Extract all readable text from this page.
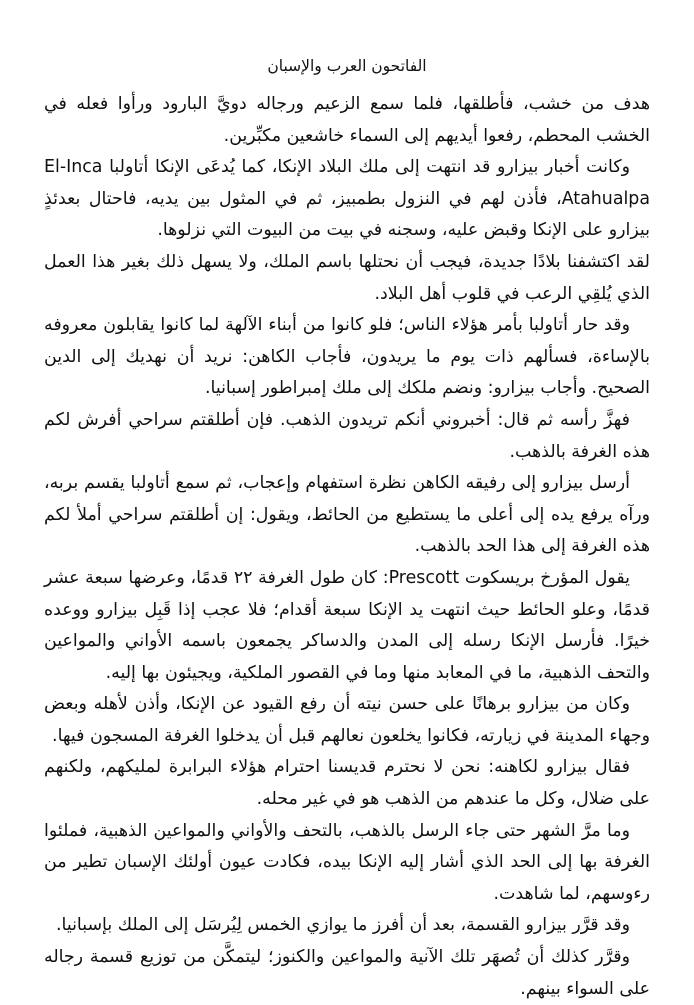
الفاتحون العرب والإسبان

هدف من خشب، فأطلقها، فلما سمع الزعيم ورجاله دويَّ البارود ورأوا فعله في الخشب المحطم، رفعوا أيديهم إلى السماء خاشعين مكبِّرين.

وكانت أخبار بيزارو قد انتهت إلى ملك البلاد الإنكا، كما يُدعَى الإنكا أتاولبا El-Inca Atahualpa، فأذن لهم في النزول بطمبيز، ثم في المثول بين يديه، فاحتال بعدئذٍ بيزارو على الإنكا وقبض عليه، وسجنه في بيت من البيوت التي نزلوها.

لقد اكتشفنا بلادًا جديدة، فيجب أن نحتلها باسم الملك، ولا يسهل ذلك بغير هذا العمل الذي يُلقِي الرعب في قلوب أهل البلاد.

وقد حار أتاولبا بأمر هؤلاء الناس؛ فلو كانوا من أبناء الآلهة لما كانوا يقابلون معروفه بالإساءة، فسألهم ذات يوم ما يريدون، فأجاب الكاهن: نريد أن نهديك إلى الدين الصحيح. وأجاب بيزارو: ونضم ملكك إلى ملك إمبراطور إسبانيا.

فهزَّ رأسه ثم قال: أخبروني أنكم تريدون الذهب. فإن أطلقتم سراحي أفرش لكم هذه الغرفة بالذهب.

أرسل بيزارو إلى رفيقه الكاهن نظرة استفهام وإعجاب، ثم سمع أتاولبا يقسم بربه، ورآه يرفع يده إلى أعلى ما يستطيع من الحائط، ويقول: إن أطلقتم سراحي أملأ لكم هذه الغرفة إلى هذا الحد بالذهب.

يقول المؤرخ بريسكوت Prescott: كان طول الغرفة ٢٢ قدمًا، وعرضها سبعة عشر قدمًا، وعلو الحائط حيث انتهت يد الإنكا سبعة أقدام؛ فلا عجب إذا قَبِل بيزارو ووعده خيرًا. فأرسل الإنكا رسله إلى المدن والدساكر يجمعون باسمه الأواني والمواعين والتحف الذهبية، ما في المعابد منها وما في القصور الملكية، ويجيئون بها إليه.

وكان من بيزارو برهانًا على حسن نيته أن رفع القيود عن الإنكا، وأذن لأهله وبعض وجهاء المدينة في زيارته، فكانوا يخلعون نعالهم قبل أن يدخلوا الغرفة المسجون فيها.

فقال بيزارو لكاهنه: نحن لا نحترم قديسنا احترام هؤلاء البرابرة لمليكهم، ولكنهم على ضلال، وكل ما عندهم من الذهب هو في غير محله.

وما مرَّ الشهر حتى جاء الرسل بالذهب، بالتحف والأواني والمواعين الذهبية، فملئوا الغرفة بها إلى الحد الذي أشار إليه الإنكا بيده، فكادت عيون أولئك الإسبان تطير من رءوسهم، لما شاهدت.

وقد قرَّر بيزارو القسمة، بعد أن أفرز ما يوازي الخمس لِيُرسَل إلى الملك بإسبانيا.

وقرَّر كذلك أن تُصهَر تلك الآنية والمواعين والكنوز؛ ليتمكَّن من توزيع قسمة رجاله على السواء بينهم.
